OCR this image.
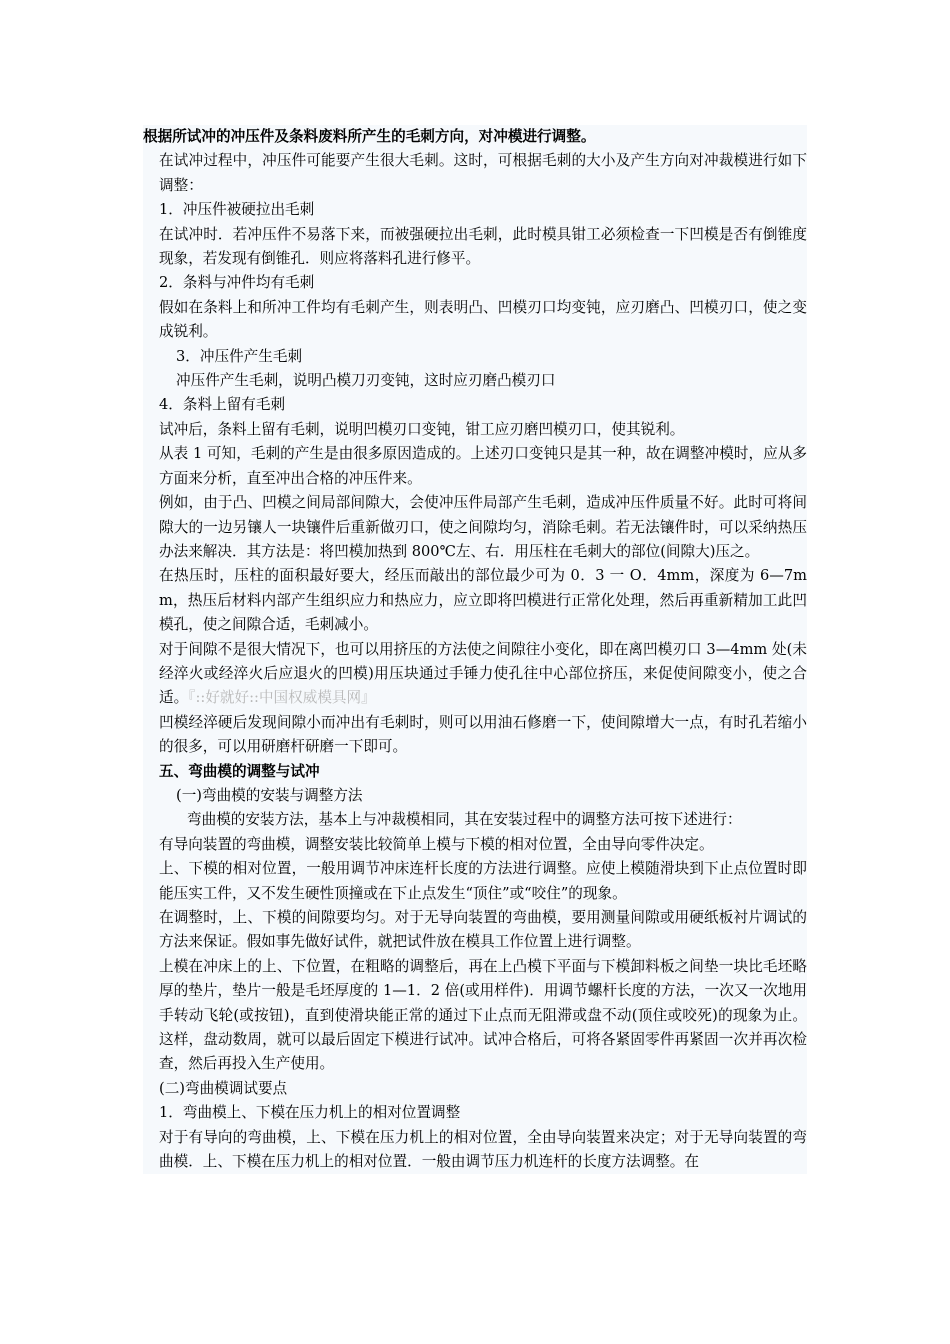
根据所试冲的冲压件及条料废料所产生的毛刺方向，对冲模进行调整。

在试冲过程中，冲压件可能要产生很大毛刺。这时，可根据毛刺的大小及产生方向对冲裁模进行如下调整：

1．冲压件被硬拉出毛刺

在试冲时．若冲压件不易落下来，而被强硬拉出毛刺，此时模具钳工必须检查一下凹模是否有倒锥度现象，若发现有倒锥孔．则应将落料孔进行修平。

2．条料与冲件均有毛刺

假如在条料上和所冲工件均有毛刺产生，则表明凸、凹模刃口均变钝，应刃磨凸、凹模刃口，使之变成锐利。

3．冲压件产生毛刺

冲压件产生毛刺，说明凸模刀刃变钝，这时应刃磨凸模刃口

4．条料上留有毛刺

试冲后，条料上留有毛刺，说明凹模刃口变钝，钳工应刃磨凹模刃口，使其锐利。

从表 1 可知，毛刺的产生是由很多原因造成的。上述刃口变钝只是其一种，故在调整冲模时，应从多方面来分析，直至冲出合格的冲压件来。

例如，由于凸、凹模之间局部间隙大，会使冲压件局部产生毛刺，造成冲压件质量不好。此时可将间隙大的一边另镶人一块镶件后重新做刃口，使之间隙均匀，消除毛刺。若无法镶件时，可以采纳热压办法来解决．其方法是：将凹模加热到 800℃左、右．用压柱在毛刺大的部位(间隙大)压之。

在热压时，压柱的面积最好要大，经压而敲出的部位最少可为 0．3 一 O．4mm，深度为 6—7mm，热压后材料内部产生组织应力和热应力，应立即将凹模进行正常化处理，然后再重新精加工此凹模孔，使之间隙合适，毛刺减小。

对于间隙不是很大情况下，也可以用挤压的方法使之间隙往小变化，即在离凹模刃口 3—4mm 处(未经淬火或经淬火后应退火的凹模)用压块通过手锤力使孔往中心部位挤压，来促使间隙变小，使之合适。『::好就好::中国权威模具网』

凹模经淬硬后发现间隙小而冲出有毛刺时，则可以用油石修磨一下，使间隙增大一点，有时孔若缩小的很多，可以用研磨杆研磨一下即可。

五、弯曲模的调整与试冲

(一)弯曲模的安装与调整方法

弯曲模的安装方法，基本上与冲裁模相同，其在安装过程中的调整方法可按下述进行：

有导向装置的弯曲模，调整安装比较简单上模与下模的相对位置，全由导向零件决定。

上、下模的相对位置，一般用调节冲床连杆长度的方法进行调整。应使上模随滑块到下止点位置时即能压实工件，又不发生硬性顶撞或在下止点发生“顶住”或“咬住”的现象。

在调整时，上、下模的间隙要均匀。对于无导向装置的弯曲模，要用测量间隙或用硬纸板衬片调试的方法来保证。假如事先做好试件，就把试件放在模具工作位置上进行调整。

上模在冲床上的上、下位置，在粗略的调整后，再在上凸模下平面与下模卸料板之间垫一块比毛坯略厚的垫片，垫片一般是毛坯厚度的 1—1．2 倍(或用样件)．用调节螺杆长度的方法，一次又一次地用手转动飞轮(或按钮)，直到使滑块能正常的通过下止点而无阻滞或盘不动(顶住或咬死)的现象为止。这样，盘动数周，就可以最后固定下模进行试冲。试冲合格后，可将各紧固零件再紧固一次并再次检查，然后再投入生产使用。

(二)弯曲模调试要点

1．弯曲模上、下模在压力机上的相对位置调整

对于有导向的弯曲模，上、下模在压力机上的相对位置，全由导向装置来决定；对于无导向装置的弯曲模．上、下模在压力机上的相对位置．一般由调节压力机连杆的长度方法调整。在
